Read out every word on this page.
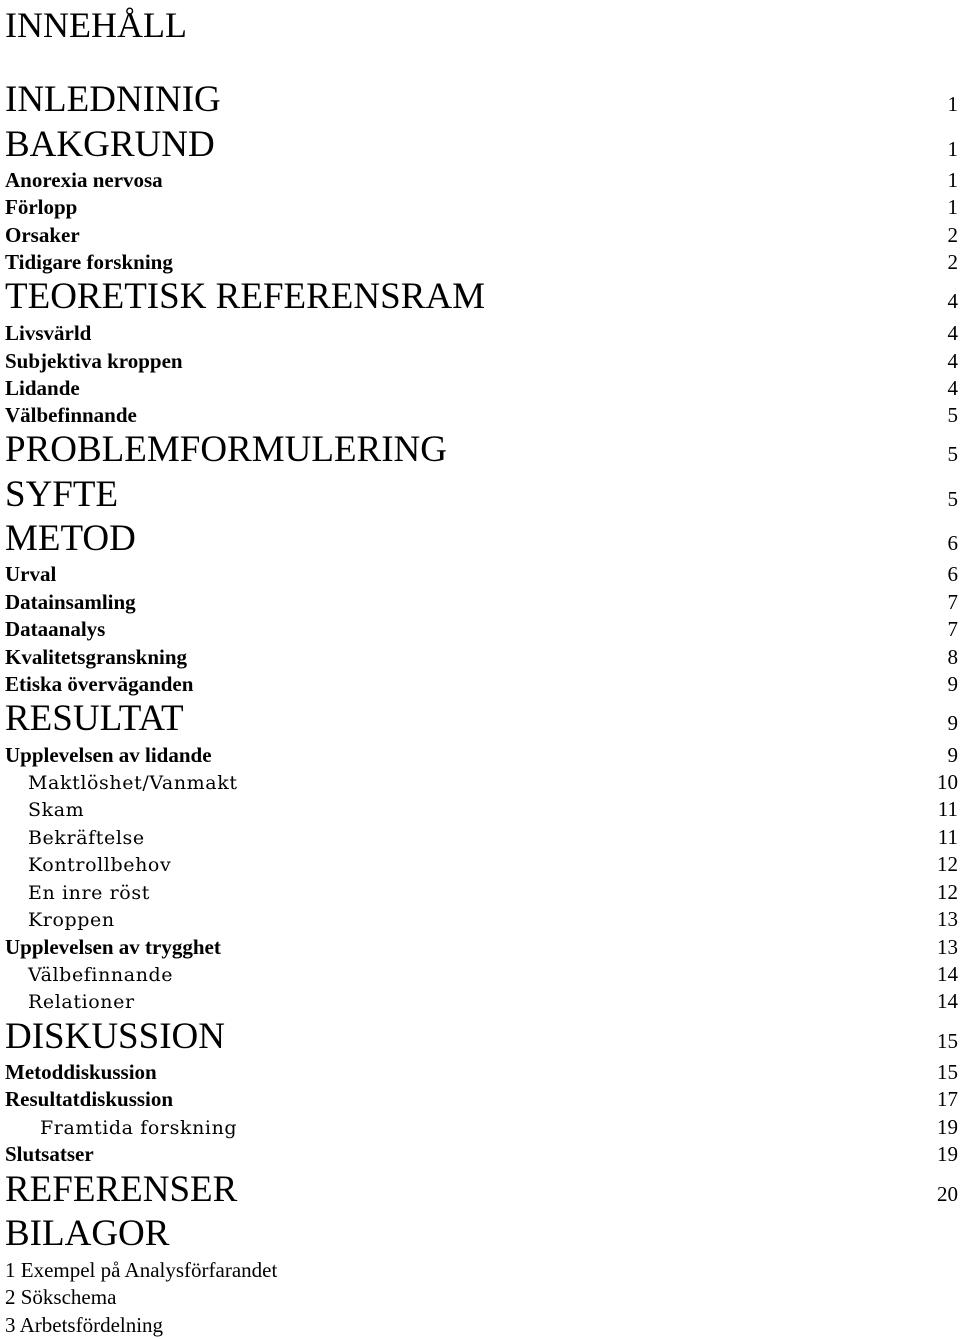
INNEHÅLL
INLEDNINIG	1
BAKGRUND	1
Anorexia nervosa	1
Förlopp	1
Orsaker	2
Tidigare forskning	2
TEORETISK REFERENSRAM	4
Livsvärld	4
Subjektiva kroppen	4
Lidande	4
Välbefinnande	5
PROBLEMFORMULERING	5
SYFTE	5
METOD	6
Urval	6
Datainsamling	7
Dataanalys	7
Kvalitetsgranskning	8
Etiska överväganden	9
RESULTAT	9
Upplevelsen av lidande	9
Maktlöshet/Vanmakt	10
Skam	11
Bekräftelse	11
Kontrollbehov	12
En inre röst	12
Kroppen	13
Upplevelsen av trygghet	13
Välbefinnande	14
Relationer	14
DISKUSSION	15
Metoddiskussion	15
Resultatdiskussion	17
Framtida forskning	19
Slutsatser	19
REFERENSER	20
BILAGOR
1 Exempel på Analysförfarandet
2 Sökschema
3 Arbetsfördelning
